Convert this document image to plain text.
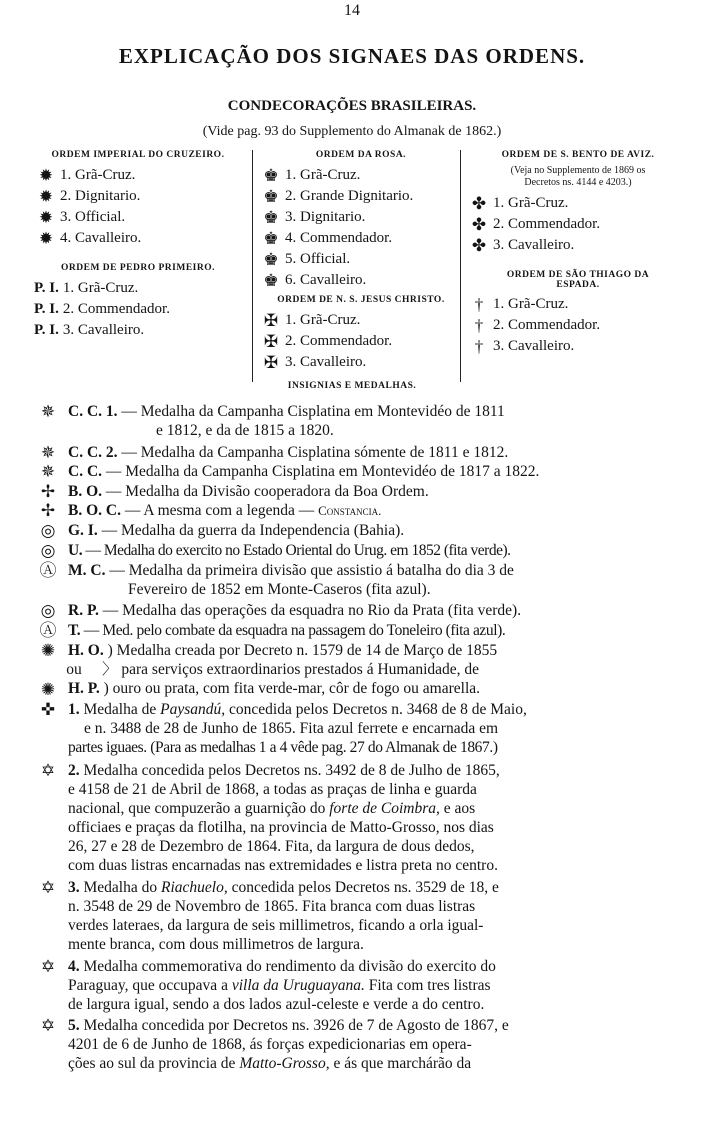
14
EXPLICAÇÃO DOS SIGNAES DAS ORDENS.
CONDECORAÇÕES BRASILEIRAS.
(Vide pag. 93 do Supplemento do Almanak de 1862.)
ORDEM IMPERIAL DO CRUZEIRO.
✹ 1. Grã-Cruz.
✹ 2. Dignitario.
✹ 3. Official.
✹ 4. Cavalleiro.
ORDEM DE PEDRO PRIMEIRO.
P. I. 1. Grã-Cruz.
P. I. 2. Commendador.
P. I. 3. Cavalleiro.
ORDEM DA ROSA.
♚ 1. Grã-Cruz.
♚ 2. Grande Dignitario.
♚ 3. Dignitario.
♚ 4. Commendador.
♚ 5. Official.
♚ 6. Cavalleiro.
ORDEM DE N. S. JESUS CHRISTO.
✠ 1. Grã-Cruz.
✠ 2. Commendador.
✠ 3. Cavalleiro.
ORDEM DE S. BENTO DE AVIZ.
(Veja no Supplemento de 1869 os
Decretos ns. 4144 e 4203.)
✤ 1. Grã-Cruz.
✤ 2. Commendador.
✤ 3. Cavalleiro.
ORDEM DE SÃO THIAGO DA
ESPADA.
† 1. Grã-Cruz.
† 2. Commendador.
† 3. Cavalleiro.
INSIGNIAS E MEDALHAS.
✵ C. C. 1. — Medalha da Campanha Cisplatina em Montevidéo de 1811
e 1812, e da de 1815 a 1820.
✵ C. C. 2. — Medalha da Campanha Cisplatina sómente de 1811 e 1812.
✵ C. C. — Medalha da Campanha Cisplatina em Montevidéo de 1817 a 1822.
✢ B. O. — Medalha da Divisão cooperadora da Boa Ordem.
✢ B. O. C. — A mesma com a legenda — Constancia.
◎ G. I. — Medalha da guerra da Independencia (Bahia).
◎ U. — Medalha do exercito no Estado Oriental do Urug. em 1852 (fita verde).
Ⓐ M. C. — Medalha da primeira divisão que assistio á batalha do dia 3 de
Fevereiro de 1852 em Monte-Caseros (fita azul).
◎ R. P. — Medalha das operações da esquadra no Rio da Prata (fita verde).
Ⓐ T. — Med. pelo combate da esquadra na passagem do Toneleiro (fita azul).
✺ H. O. ) Medalha creada por Decreto n. 1579 de 14 de Março de 1855
ou 〉 para serviços extraordinarios prestados á Humanidade, de
H. P. ) ouro ou prata, com fita verde-mar, côr de fogo ou amarella.
✺
✜ 1. Medalha de Paysandú, concedida pelos Decretos n. 3468 de 8 de Maio,
e n. 3488 de 28 de Junho de 1865. Fita azul ferrete e encarnada em
partes iguaes. (Para as medalhas 1 a 4 vêde pag. 27 do Almanak de 1867.)
✡ 2. Medalha concedida pelos Decretos ns. 3492 de 8 de Julho de 1865,
e 4158 de 21 de Abril de 1868, a todas as praças de linha e guarda
nacional, que compuzerão a guarnição do forte de Coimbra, e aos
officiaes e praças da flotilha, na provincia de Matto-Grosso, nos dias
26, 27 e 28 de Dezembro de 1864. Fita, da largura de dous dedos,
com duas listras encarnadas nas extremidades e listra preta no centro.
✡ 3. Medalha do Riachuelo, concedida pelos Decretos ns. 3529 de 18, e
n. 3548 de 29 de Novembro de 1865. Fita branca com duas listras
verdes lateraes, da largura de seis millimetros, ficando a orla igual-
mente branca, com dous millimetros de largura.
✡ 4. Medalha commemorativa do rendimento da divisão do exercito do
Paraguay, que occupava a villa da Uruguayana. Fita com tres listras
de largura igual, sendo a dos lados azul-celeste e verde a do centro.
✡ 5. Medalha concedida por Decretos ns. 3926 de 7 de Agosto de 1867, e
4201 de 6 de Junho de 1868, ás forças expedicionarias em opera-
ções ao sul da provincia de Matto-Grosso, e ás que marchárão da
